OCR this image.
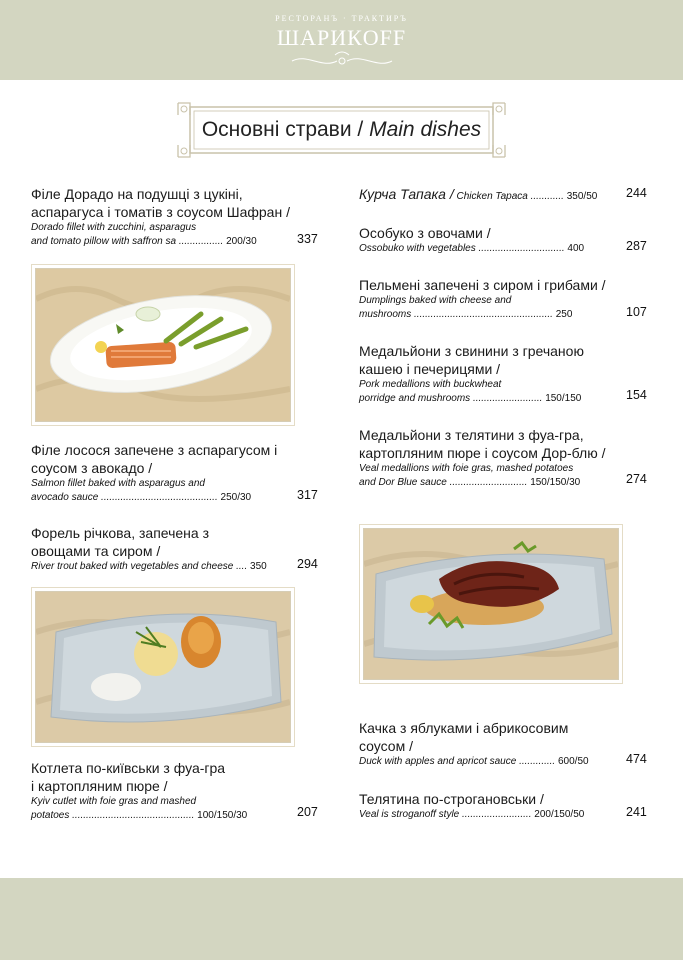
РЕСТОРАНЪ · ТРАКТИРЪ
ШАРИКOFF
Основні страви / Main dishes
Філе Дорадо на подушці з цукіні,
аспарагуса і томатів з соусом Шафран /
Dorado fillet with zucchini, asparagus
and tomato pillow with saffron sa ................ 200/30	337
Філе лосося запечене з аспарагусом і
соусом з авокадо /
Salmon fillet baked with asparagus and
avocado sauce .......................................... 250/30	317
Форель річкова, запечена з
овощами та сиром /
River trout baked with vegetables and cheese .... 350	294
Котлета по-київськи з фуа-гра
і картопляним пюре /
Kyiv cutlet with foie gras and mashed
potatoes ............................................ 100/150/30	207
Курча Тапака / Chicken Tapaca ............ 350/50	244
Особуко з овочами /
Ossobuko with vegetables ............................... 400	287
Пельмені запечені з сиром і грибами /
Dumplings baked with cheese and
mushrooms .................................................. 250	107
Медальйони з свинини з гречаною
кашею і печерицями /
Pork medallions with buckwheat
porridge and mushrooms ......................... 150/150	154
Медальйони з телятини з фуа-гра,
картопляним пюре і соусом Дор-блю /
Veal medallions with foie gras, mashed potatoes
and Dor Blue sauce ............................ 150/150/30	274
Качка з яблуками і абрикосовим
соусом /
Duck with apples and apricot sauce ............. 600/50	474
Телятина по-строгановськи /
Veal is stroganoff style ......................... 200/150/50	241
